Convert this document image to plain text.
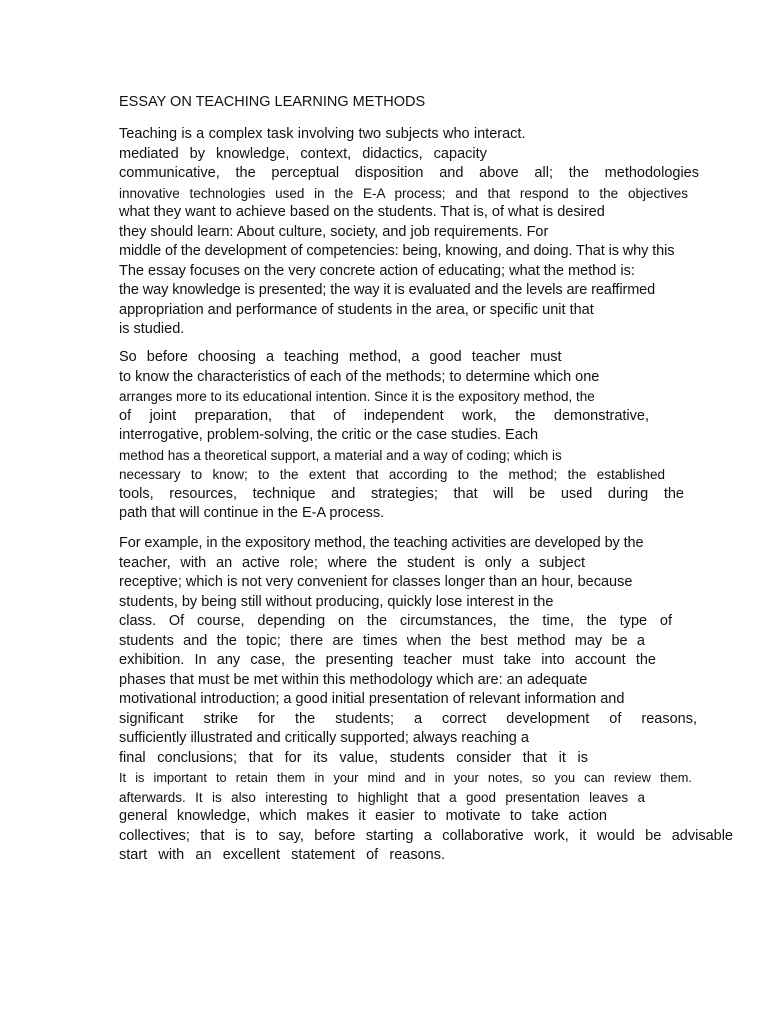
ESSAY ON TEACHING LEARNING METHODS
Teaching is a complex task involving two subjects who interact.
mediated by knowledge, context, didactics, capacity
communicative, the perceptual disposition and above all; the methodologies
innovative technologies used in the E-A process; and that respond to the objectives
what they want to achieve based on the students. That is, of what is desired
they should learn: About culture, society, and job requirements. For
middle of the development of competencies: being, knowing, and doing. That is why this
The essay focuses on the very concrete action of educating; what the method is:
the way knowledge is presented; the way it is evaluated and the levels are reaffirmed
appropriation and performance of students in the area, or specific unit that
is studied.
So before choosing a teaching method, a good teacher must
to know the characteristics of each of the methods; to determine which one
arranges more to its educational intention. Since it is the expository method, the
of joint preparation, that of independent work, the demonstrative,
interrogative, problem-solving, the critic or the case studies. Each
method has a theoretical support, a material and a way of coding; which is
necessary to know; to the extent that according to the method; the established
tools, resources, technique and strategies; that will be used during the
path that will continue in the E-A process.
For example, in the expository method, the teaching activities are developed by the
teacher, with an active role; where the student is only a subject
receptive; which is not very convenient for classes longer than an hour, because
students, by being still without producing, quickly lose interest in the
class. Of course, depending on the circumstances, the time, the type of
students and the topic; there are times when the best method may be a
exhibition. In any case, the presenting teacher must take into account the
phases that must be met within this methodology which are: an adequate
motivational introduction; a good initial presentation of relevant information and
significant strike for the students; a correct development of reasons,
sufficiently illustrated and critically supported; always reaching a
final conclusions; that for its value, students consider that it is
It is important to retain them in your mind and in your notes, so you can review them.
afterwards. It is also interesting to highlight that a good presentation leaves a
general knowledge, which makes it easier to motivate to take action
collectives; that is to say, before starting a collaborative work, it would be advisable
start with an excellent statement of reasons.
